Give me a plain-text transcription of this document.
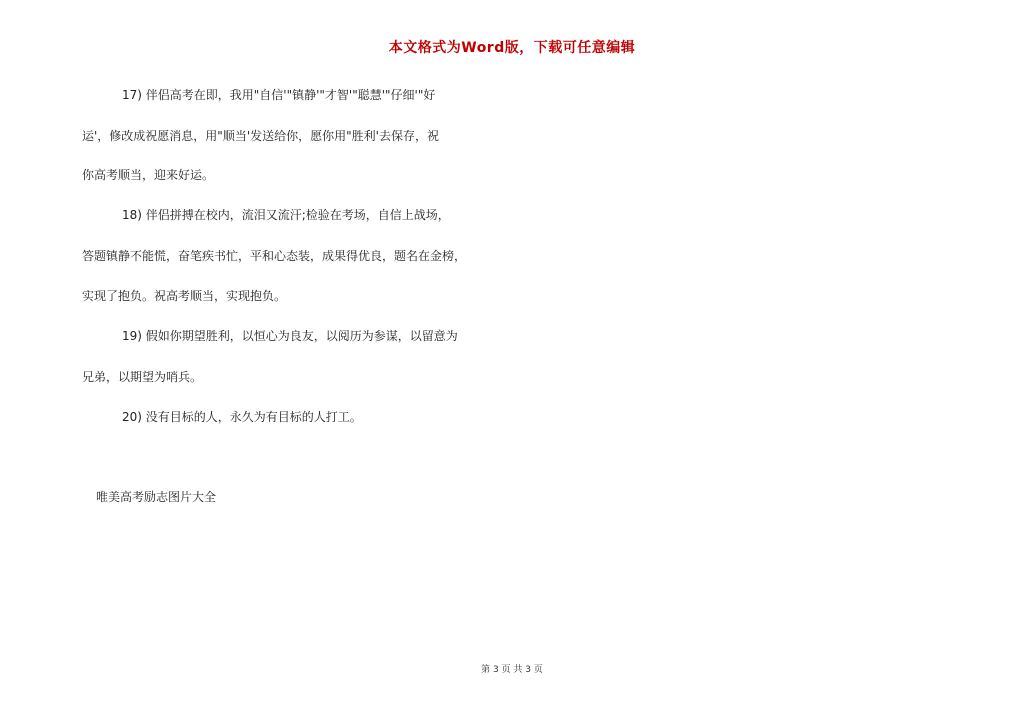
本文格式为Word版，下载可任意编辑
17) 伴侣高考在即，我用"自信'"镇静'"才智'"聪慧'"仔细'"好
运'，修改成祝愿消息，用"顺当'发送给你，愿你用"胜利'去保存，祝
你高考顺当，迎来好运。
18) 伴侣拼搏在校内，流泪又流汗;检验在考场，自信上战场，
答题镇静不能慌，奋笔疾书忙，平和心态装，成果得优良，题名在金榜，
实现了抱负。祝高考顺当，实现抱负。
19) 假如你期望胜利，以恒心为良友，以阅历为参谋，以留意为
兄弟，以期望为哨兵。
20) 没有目标的人，永久为有目标的人打工。
唯美高考励志图片大全
第 3 页 共 3 页
